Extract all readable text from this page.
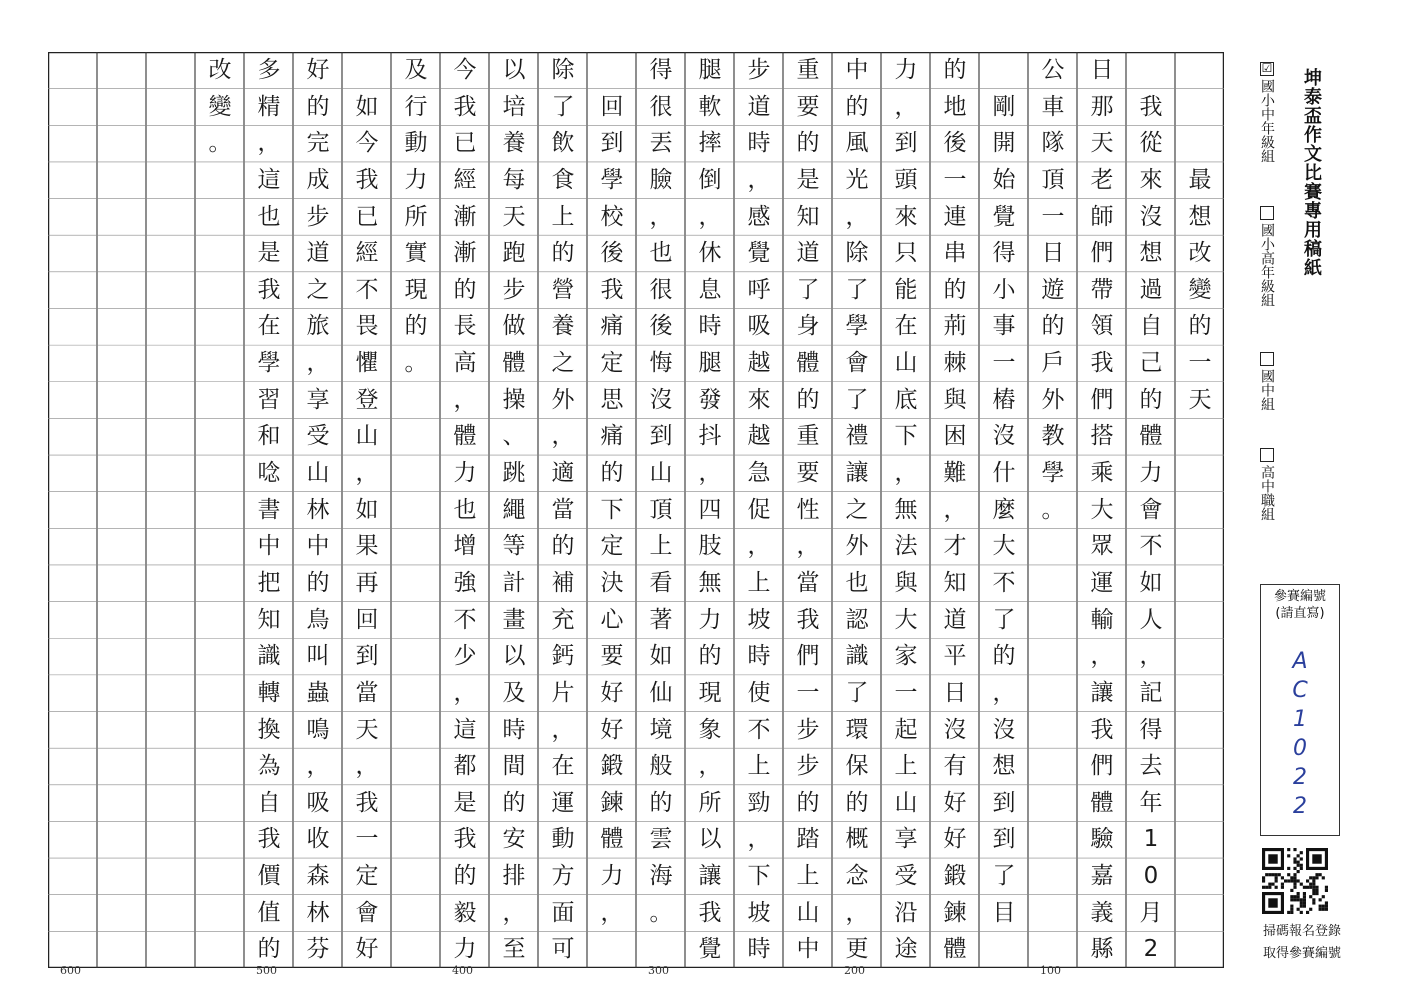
改
變
。
多
精
，
這
也
是
我
在
學
習
和
唸
書
中
把
知
識
轉
換
為
自
我
價
值
的
好
的
完
成
步
道
之
旅
，
享
受
山
林
中
的
鳥
叫
蟲
鳴
，
吸
收
森
林
芬
如
今
我
已
經
不
畏
懼
登
山
，
如
果
再
回
到
當
天
，
我
一
定
會
好
及
行
動
力
所
實
現
的
。
今
我
已
經
漸
漸
的
長
高
，
體
力
也
增
強
不
少
，
這
都
是
我
的
毅
力
以
培
養
每
天
跑
步
做
體
操
、
跳
繩
等
計
畫
以
及
時
間
的
安
排
，
至
除
了
飲
食
上
的
營
養
之
外
，
適
當
的
補
充
鈣
片
，
在
運
動
方
面
可
回
到
學
校
後
我
痛
定
思
痛
的
下
定
決
心
要
好
好
鍛
鍊
體
力
，
得
很
丟
臉
，
也
很
後
悔
沒
到
山
頂
上
看
著
如
仙
境
般
的
雲
海
。
腿
軟
摔
倒
，
休
息
時
腿
發
抖
，
四
肢
無
力
的
現
象
，
所
以
讓
我
覺
步
道
時
，
感
覺
呼
吸
越
來
越
急
促
，
上
坡
時
使
不
上
勁
，
下
坡
時
重
要
的
是
知
道
了
身
體
的
重
要
性
，
當
我
們
一
步
步
的
踏
上
山
中
中
的
風
光
，
除
了
學
會
了
禮
讓
之
外
也
認
識
了
環
保
的
概
念
，
更
力
，
到
頭
來
只
能
在
山
底
下
，
無
法
與
大
家
一
起
上
山
享
受
沿
途
的
地
後
一
連
串
的
荊
棘
與
困
難
，
才
知
道
平
日
沒
有
好
好
鍛
鍊
體
剛
開
始
覺
得
小
事
一
樁
沒
什
麼
大
不
了
的
，
沒
想
到
到
了
目
公
車
隊
頂
一
日
遊
的
戶
外
教
學
。
日
那
天
老
師
們
帶
領
我
們
搭
乘
大
眾
運
輸
，
讓
我
們
體
驗
嘉
義
縣
我
從
來
沒
想
過
自
己
的
體
力
會
不
如
人
，
記
得
去
年
1
0
月
2
最
想
改
變
的
一
天
600	500	400	300	200	100
坤泰盃作文比賽專用稿紙
☑
國小中年級組
國小高年級組
國中組
高中職組
參賽編號
(請直寫)
AC1022
掃碼報名登錄
取得參賽編號
